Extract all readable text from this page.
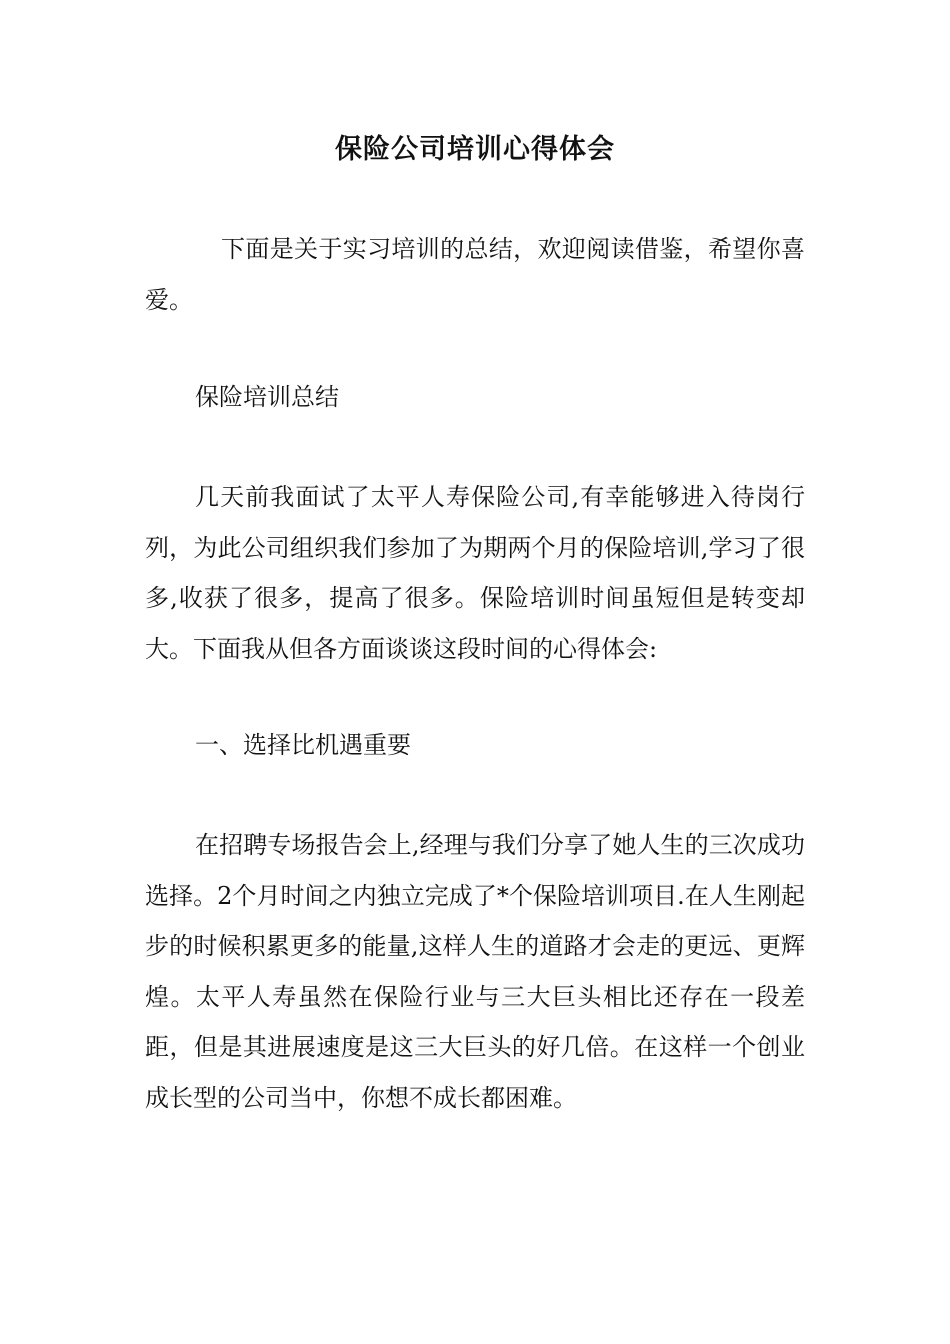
保险公司培训心得体会

下面是关于实习培训的总结，欢迎阅读借鉴，希望你喜爱。

保险培训总结

几天前我面试了太平人寿保险公司,有幸能够进入待岗行列，为此公司组织我们参加了为期两个月的保险培训,学习了很多,收获了很多，提高了很多。保险培训时间虽短但是转变却大。下面我从但各方面谈谈这段时间的心得体会:

一、选择比机遇重要

在招聘专场报告会上,经理与我们分享了她人生的三次成功选择。2个月时间之内独立完成了*个保险培训项目.在人生刚起步的时候积累更多的能量,这样人生的道路才会走的更远、更辉煌。太平人寿虽然在保险行业与三大巨头相比还存在一段差距，但是其进展速度是这三大巨头的好几倍。在这样一个创业成长型的公司当中，你想不成长都困难。
